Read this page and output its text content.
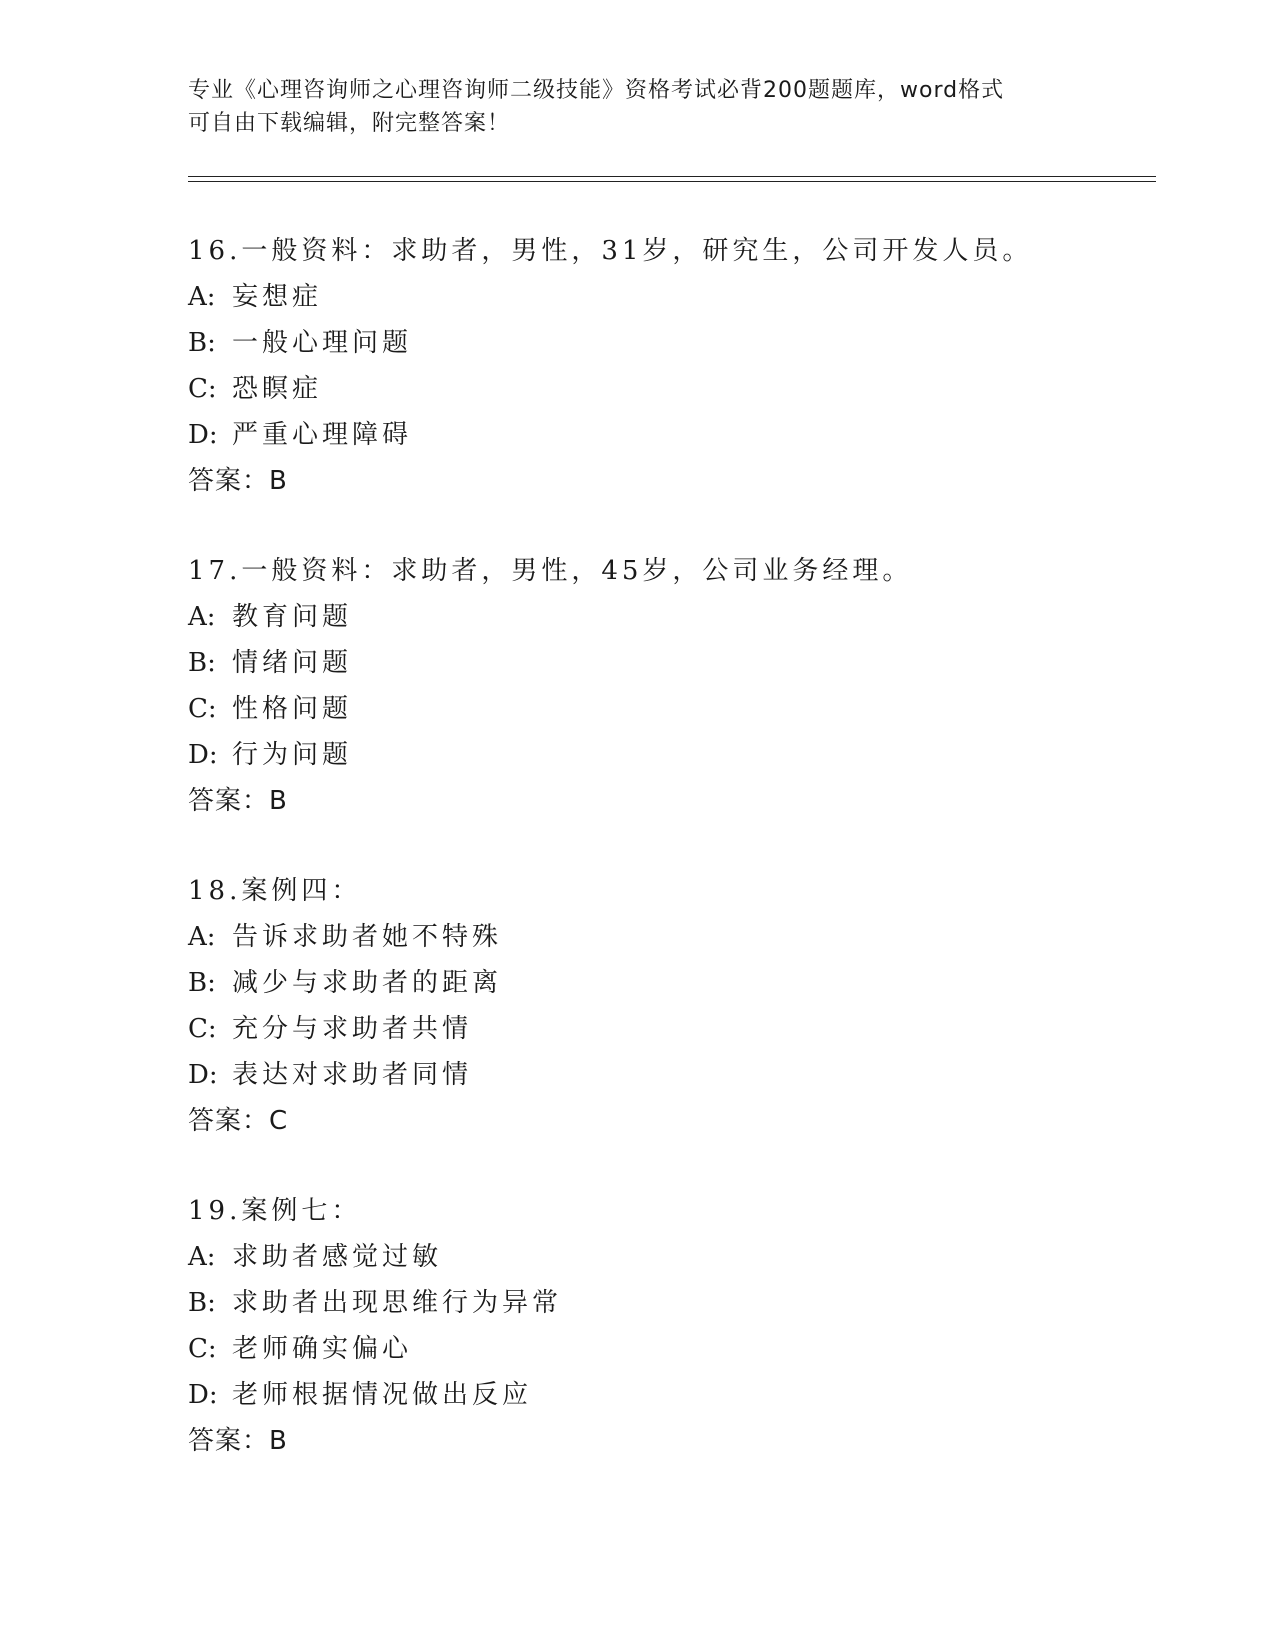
专业《心理咨询师之心理咨询师二级技能》资格考试必背200题题库，word格式
可自由下载编辑，附完整答案！
16.一般资料：求助者，男性，31岁，研究生，公司开发人员。
A: 妄想症
B: 一般心理问题
C: 恐瞑症
D: 严重心理障碍
答案：B
17.一般资料：求助者，男性，45岁，公司业务经理。
A: 教育问题
B: 情绪问题
C: 性格问题
D: 行为问题
答案：B
18.案例四：
A: 告诉求助者她不特殊
B: 减少与求助者的距离
C: 充分与求助者共情
D: 表达对求助者同情
答案：C
19.案例七：
A: 求助者感觉过敏
B: 求助者出现思维行为异常
C: 老师确实偏心
D: 老师根据情况做出反应
答案：B
